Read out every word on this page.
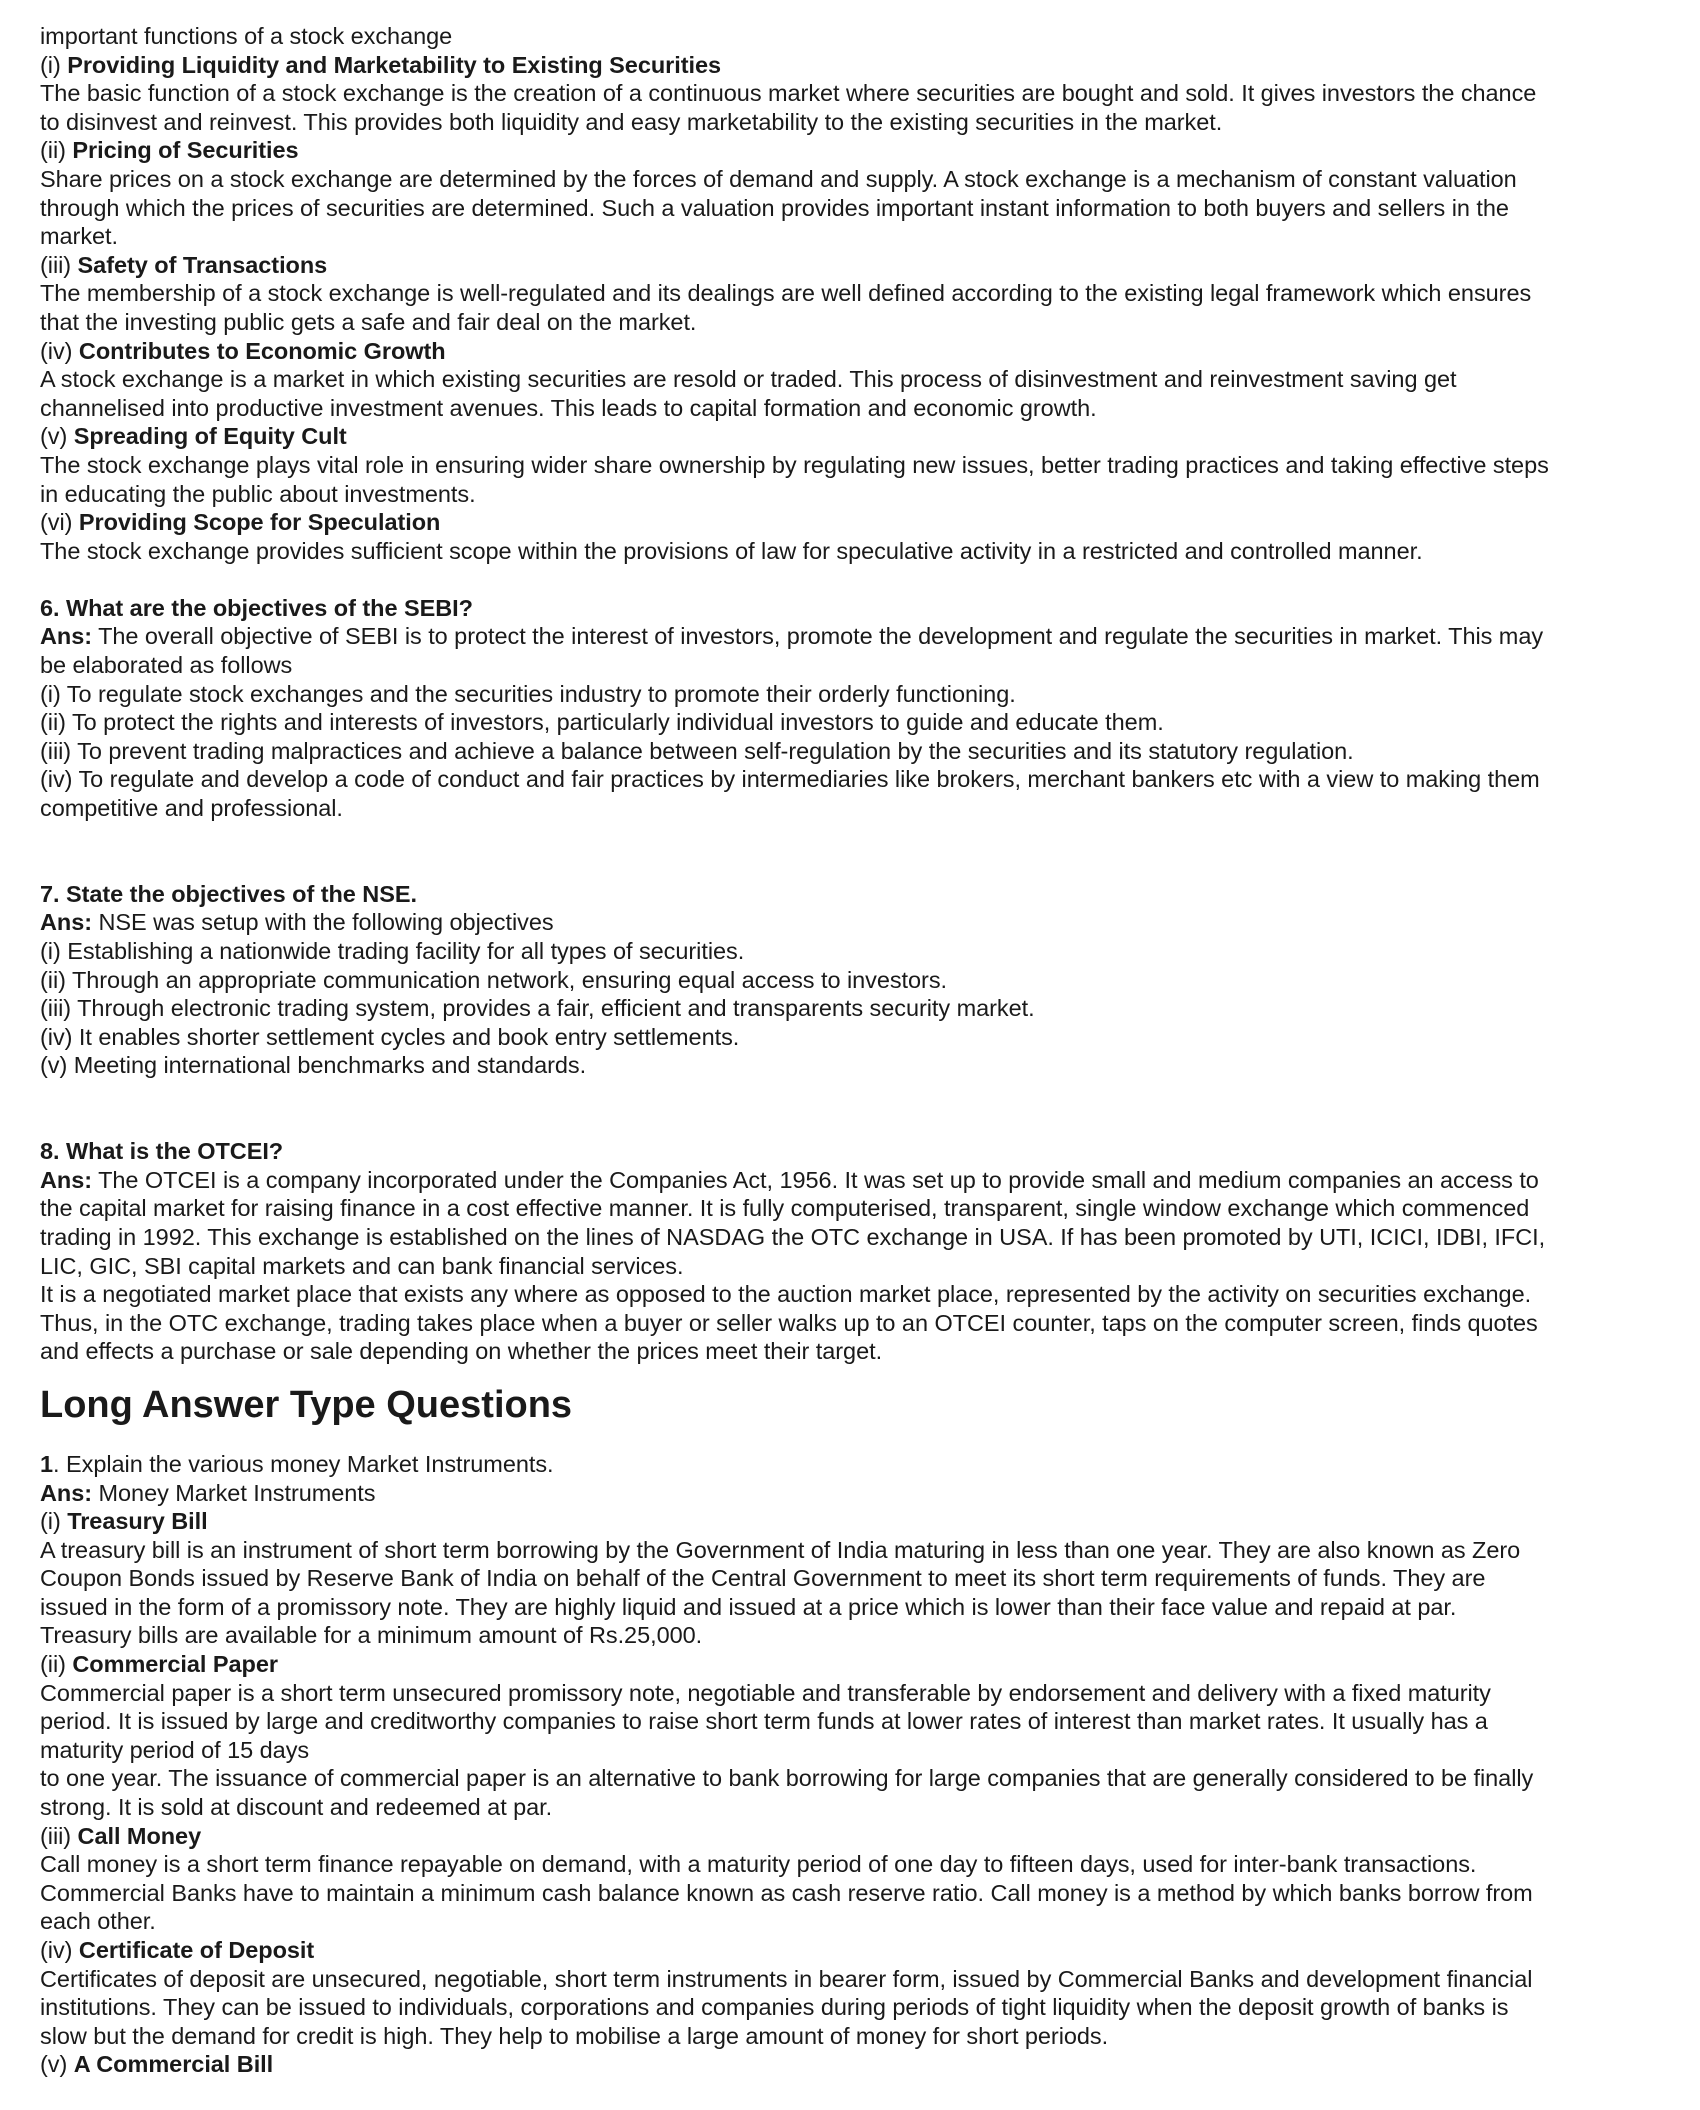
important functions of a stock exchange
(i) Providing Liquidity and Marketability to Existing Securities
The basic function of a stock exchange is the creation of a continuous market where securities are bought and sold. It gives investors the chance
to disinvest and reinvest. This provides both liquidity and easy marketability to the existing securities in the market.
(ii) Pricing of Securities
Share prices on a stock exchange are determined by the forces of demand and supply. A stock exchange is a mechanism of constant valuation
through which the prices of securities are determined. Such a valuation provides important instant information to both buyers and sellers in the
market.
(iii) Safety of Transactions
The membership of a stock exchange is well-regulated and its dealings are well defined according to the existing legal framework which ensures
that the investing public gets a safe and fair deal on the market.
(iv) Contributes to Economic Growth
A stock exchange is a market in which existing securities are resold or traded. This process of disinvestment and reinvestment saving get
channelised into productive investment avenues. This leads to capital formation and economic growth.
(v) Spreading of Equity Cult
The stock exchange plays vital role in ensuring wider share ownership by regulating new issues, better trading practices and taking effective steps
in educating the public about investments.
(vi) Providing Scope for Speculation
The stock exchange provides sufficient scope within the provisions of law for speculative activity in a restricted and controlled manner.
6. What are the objectives of the SEBI?
Ans: The overall objective of SEBI is to protect the interest of investors, promote the development and regulate the securities in market. This may
be elaborated as follows
(i) To regulate stock exchanges and the securities industry to promote their orderly functioning.
(ii) To protect the rights and interests of investors, particularly individual investors to guide and educate them.
(iii) To prevent trading malpractices and achieve a balance between self-regulation by the securities and its statutory regulation.
(iv) To regulate and develop a code of conduct and fair practices by intermediaries like brokers, merchant bankers etc with a view to making them
competitive and professional.
7. State the objectives of the NSE.
Ans: NSE was setup with the following objectives
(i) Establishing a nationwide trading facility for all types of securities.
(ii) Through an appropriate communication network, ensuring equal access to investors.
(iii) Through electronic trading system, provides a fair, efficient and transparents security market.
(iv) It enables shorter settlement cycles and book entry settlements.
(v) Meeting international benchmarks and standards.
8. What is the OTCEI?
Ans: The OTCEI is a company incorporated under the Companies Act, 1956. It was set up to provide small and medium companies an access to
the capital market for raising finance in a cost effective manner. It is fully computerised, transparent, single window exchange which commenced
trading in 1992. This exchange is established on the lines of NASDAG the OTC exchange in USA. If has been promoted by UTI, ICICI, IDBI, IFCI,
LIC, GIC, SBI capital markets and can bank financial services.
It is a negotiated market place that exists any where as opposed to the auction market place, represented by the activity on securities exchange.
Thus, in the OTC exchange, trading takes place when a buyer or seller walks up to an OTCEI counter, taps on the computer screen, finds quotes
and effects a purchase or sale depending on whether the prices meet their target.
Long Answer Type Questions
1. Explain the various money Market Instruments.
Ans: Money Market Instruments
(i) Treasury Bill
A treasury bill is an instrument of short term borrowing by the Government of India maturing in less than one year. They are also known as Zero
Coupon Bonds issued by Reserve Bank of India on behalf of the Central Government to meet its short term requirements of funds. They are
issued in the form of a promissory note. They are highly liquid and issued at a price which is lower than their face value and repaid at par.
Treasury bills are available for a minimum amount of Rs.25,000.
(ii) Commercial Paper
Commercial paper is a short term unsecured promissory note, negotiable and transferable by endorsement and delivery with a fixed maturity
period. It is issued by large and creditworthy companies to raise short term funds at lower rates of interest than market rates. It usually has a
maturity period of 15 days
to one year. The issuance of commercial paper is an alternative to bank borrowing for large companies that are generally considered to be finally
strong. It is sold at discount and redeemed at par.
(iii) Call Money
Call money is a short term finance repayable on demand, with a maturity period of one day to fifteen days, used for inter-bank transactions.
Commercial Banks have to maintain a minimum cash balance known as cash reserve ratio. Call money is a method by which banks borrow from
each other.
(iv) Certificate of Deposit
Certificates of deposit are unsecured, negotiable, short term instruments in bearer form, issued by Commercial Banks and development financial
institutions. They can be issued to individuals, corporations and companies during periods of tight liquidity when the deposit growth of banks is
slow but the demand for credit is high. They help to mobilise a large amount of money for short periods.
(v) A Commercial Bill
